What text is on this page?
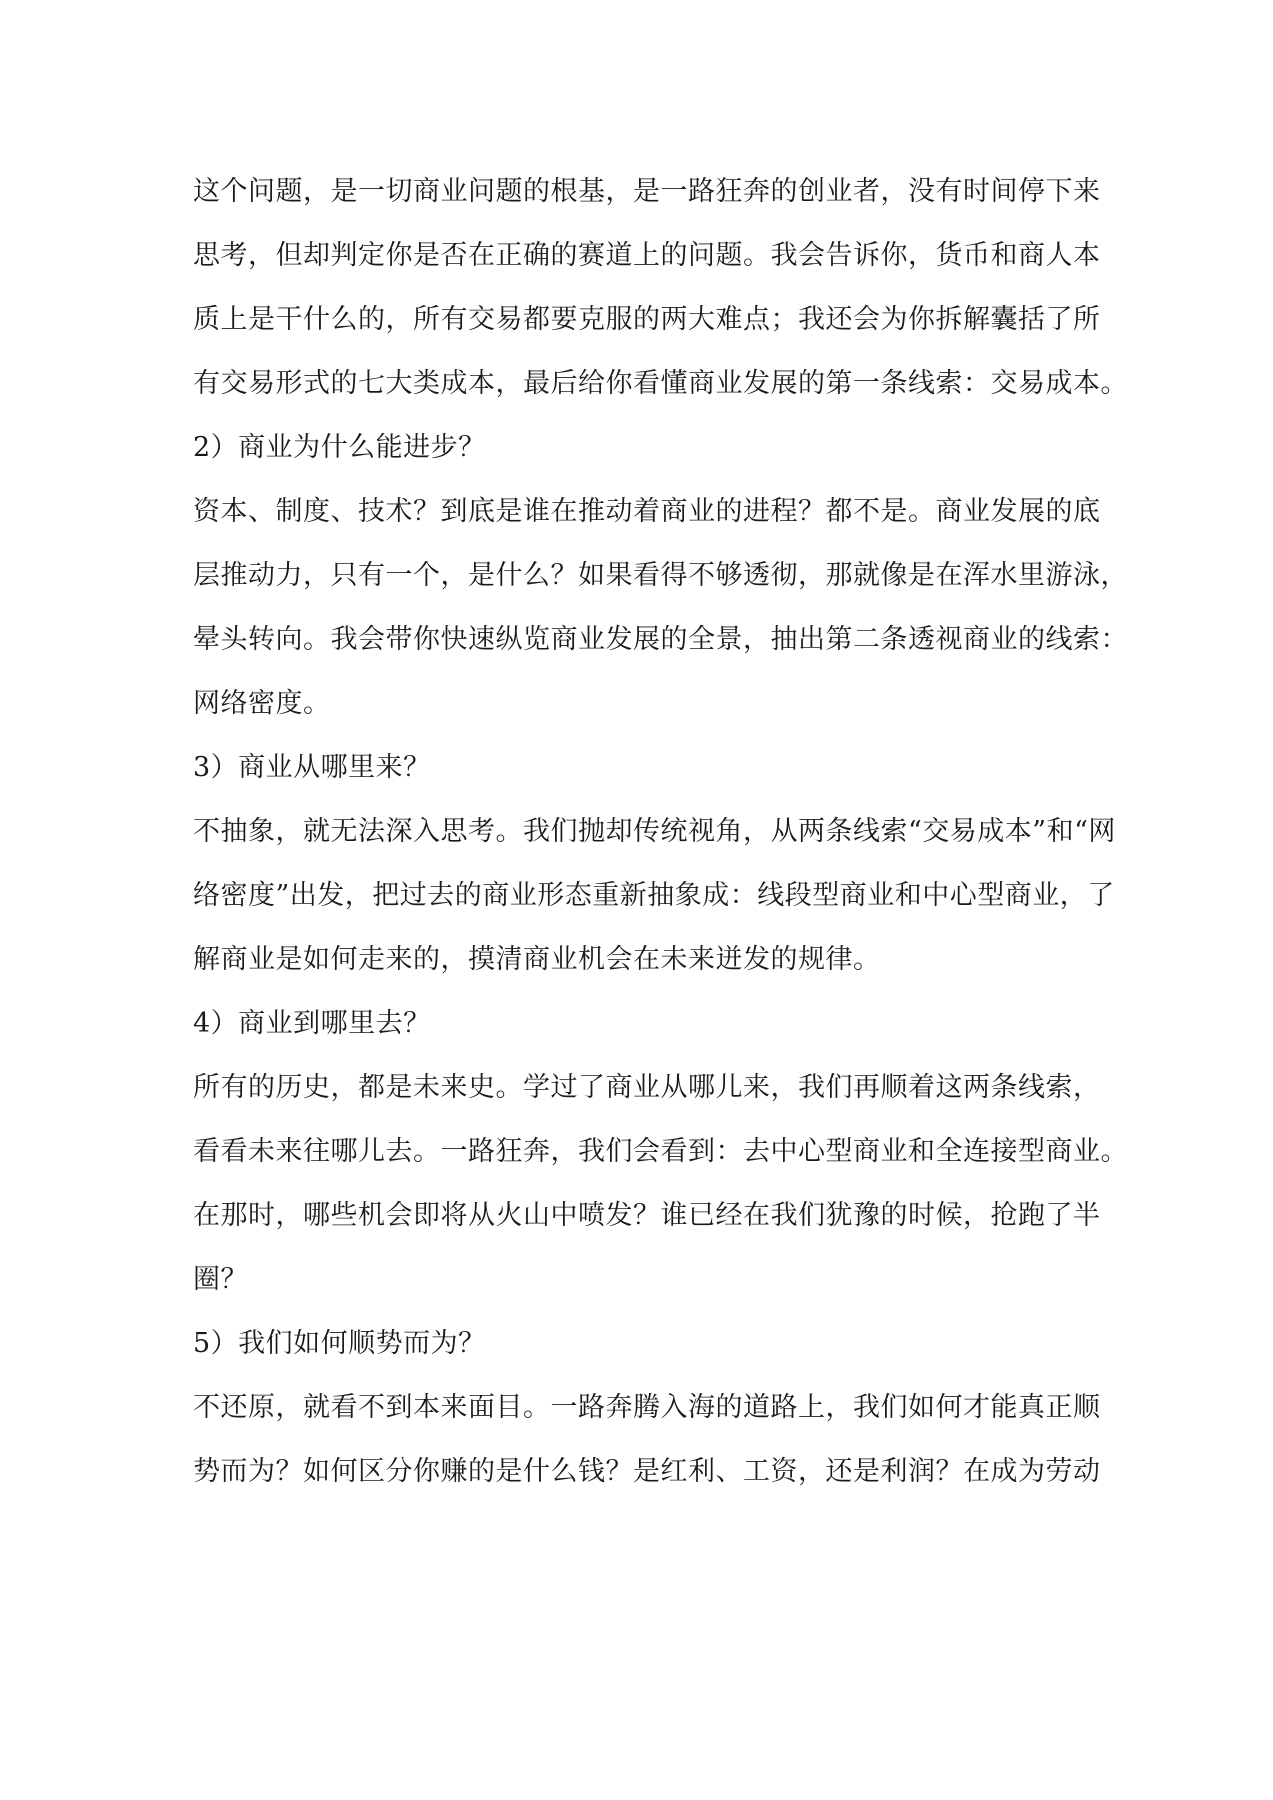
这个问题，是一切商业问题的根基，是一路狂奔的创业者，没有时间停下来
思考，但却判定你是否在正确的赛道上的问题。我会告诉你，货币和商人本
质上是干什么的，所有交易都要克服的两大难点；我还会为你拆解囊括了所
有交易形式的七大类成本，最后给你看懂商业发展的第一条线索：交易成本。
2）商业为什么能进步？
资本、制度、技术？到底是谁在推动着商业的进程？都不是。商业发展的底
层推动力，只有一个，是什么？如果看得不够透彻，那就像是在浑水里游泳，
晕头转向。我会带你快速纵览商业发展的全景，抽出第二条透视商业的线索：
网络密度。
3）商业从哪里来？
不抽象，就无法深入思考。我们抛却传统视角，从两条线索“交易成本”和“网
络密度”出发，把过去的商业形态重新抽象成：线段型商业和中心型商业，了
解商业是如何走来的，摸清商业机会在未来迸发的规律。
4）商业到哪里去？
所有的历史，都是未来史。学过了商业从哪儿来，我们再顺着这两条线索，
看看未来往哪儿去。一路狂奔，我们会看到：去中心型商业和全连接型商业。
在那时，哪些机会即将从火山中喷发？谁已经在我们犹豫的时候，抢跑了半
圈？
5）我们如何顺势而为？
不还原，就看不到本来面目。一路奔腾入海的道路上，我们如何才能真正顺
势而为？如何区分你赚的是什么钱？是红利、工资，还是利润？在成为劳动
